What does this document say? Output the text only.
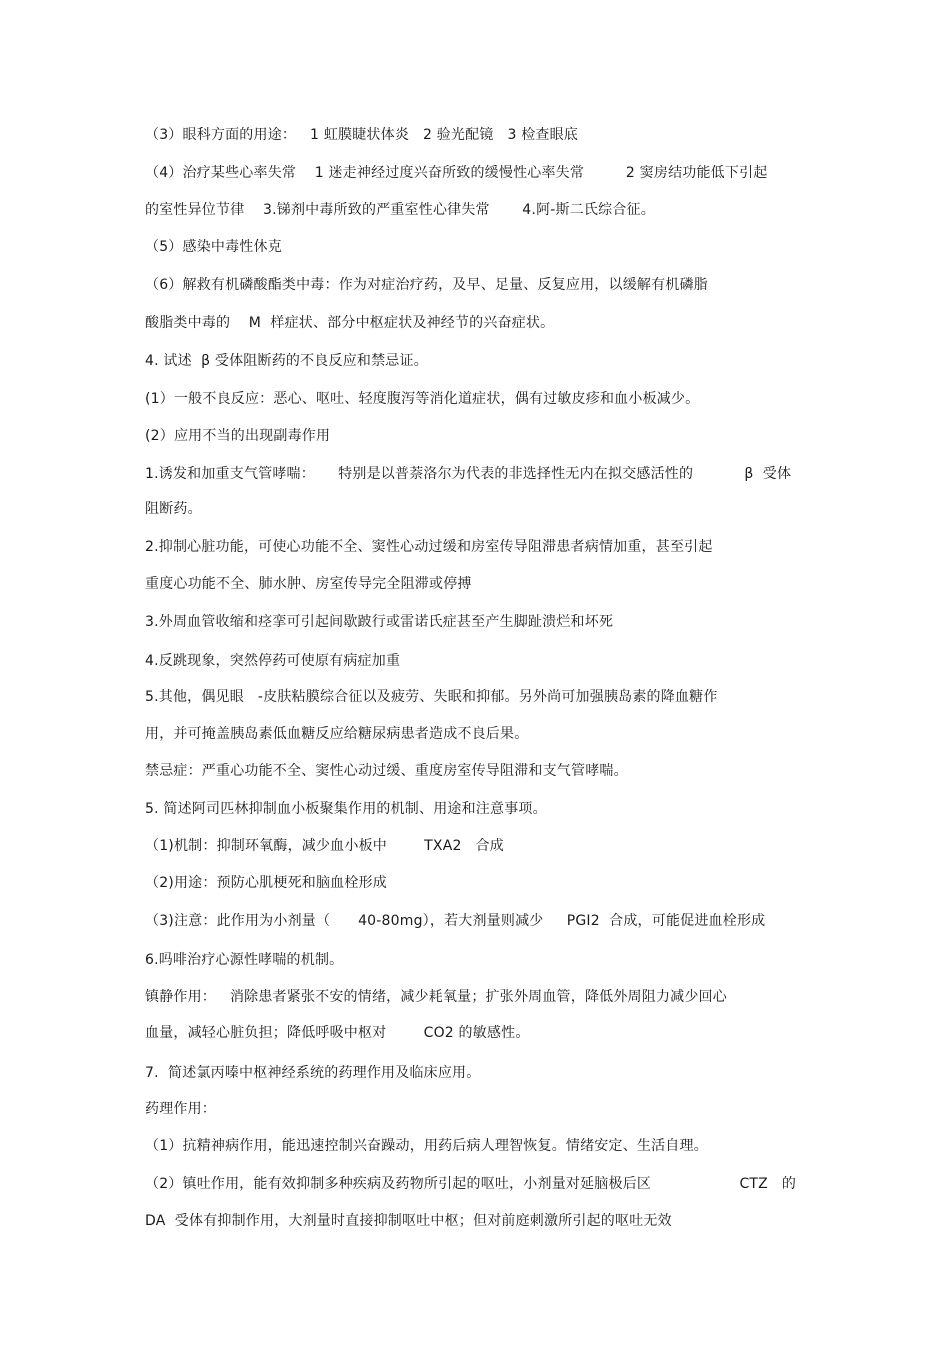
（3）眼科方面的用途：   1 虹膜睫状体炎   2 验光配镜   3 检查眼底
（4）治疗某些心率失常    1 迷走神经过度兴奋所致的缓慢性心率失常         2 窦房结功能低下引起
的室性异位节律    3.锑剂中毒所致的严重室性心律失常       4.阿-斯二氏综合征。
（5）感染中毒性休克
（6）解救有机磷酸酯类中毒：作为对症治疗药，及早、足量、反复应用，以缓解有机磷脂
酸脂类中毒的    M  样症状、部分中枢症状及神经节的兴奋症状。
4. 试述  β 受体阻断药的不良反应和禁忌证。
(1）一般不良反应：恶心、呕吐、轻度腹泻等消化道症状，偶有过敏皮疹和血小板减少。
(2）应用不当的出现副毒作用
1.诱发和加重支气管哮喘：     特别是以普萘洛尔为代表的非选择性无内在拟交感活性的           β  受体
阻断药。
2.抑制心脏功能，可使心功能不全、窦性心动过缓和房室传导阻滞患者病情加重，甚至引起
重度心功能不全、肺水肿、房室传导完全阻滞或停搏
3.外周血管收缩和痉挛可引起间歇跛行或雷诺氏症甚至产生脚趾溃烂和坏死
4.反跳现象，突然停药可使原有病症加重
5.其他，偶见眼   -皮肤粘膜综合征以及疲劳、失眠和抑郁。另外尚可加强胰岛素的降血糖作
用，并可掩盖胰岛素低血糖反应给糖尿病患者造成不良后果。
禁忌症：严重心功能不全、窦性心动过缓、重度房室传导阻滞和支气管哮喘。
5. 简述阿司匹林抑制血小板聚集作用的机制、用途和注意事项。
（1)机制：抑制环氧酶，减少血小板中        TXA2   合成
（2)用途：预防心肌梗死和脑血栓形成
（3)注意：此作用为小剂量（      40-80mg），若大剂量则减少     PGI2  合成，可能促进血栓形成
6.吗啡治疗心源性哮喘的机制。
镇静作用：   消除患者紧张不安的情绪，减少耗氧量；扩张外周血管，降低外周阻力减少回心
血量，减轻心脏负担；降低呼吸中枢对        CO2 的敏感性。
7.  简述氯丙嗪中枢神经系统的药理作用及临床应用。
药理作用：
（1）抗精神病作用，能迅速控制兴奋躁动，用药后病人理智恢复。情绪安定、生活自理。
（2）镇吐作用，能有效抑制多种疾病及药物所引起的呕吐，小剂量对延脑极后区                   CTZ   的
DA  受体有抑制作用，大剂量时直接抑制呕吐中枢；但对前庭刺激所引起的呕吐无效
